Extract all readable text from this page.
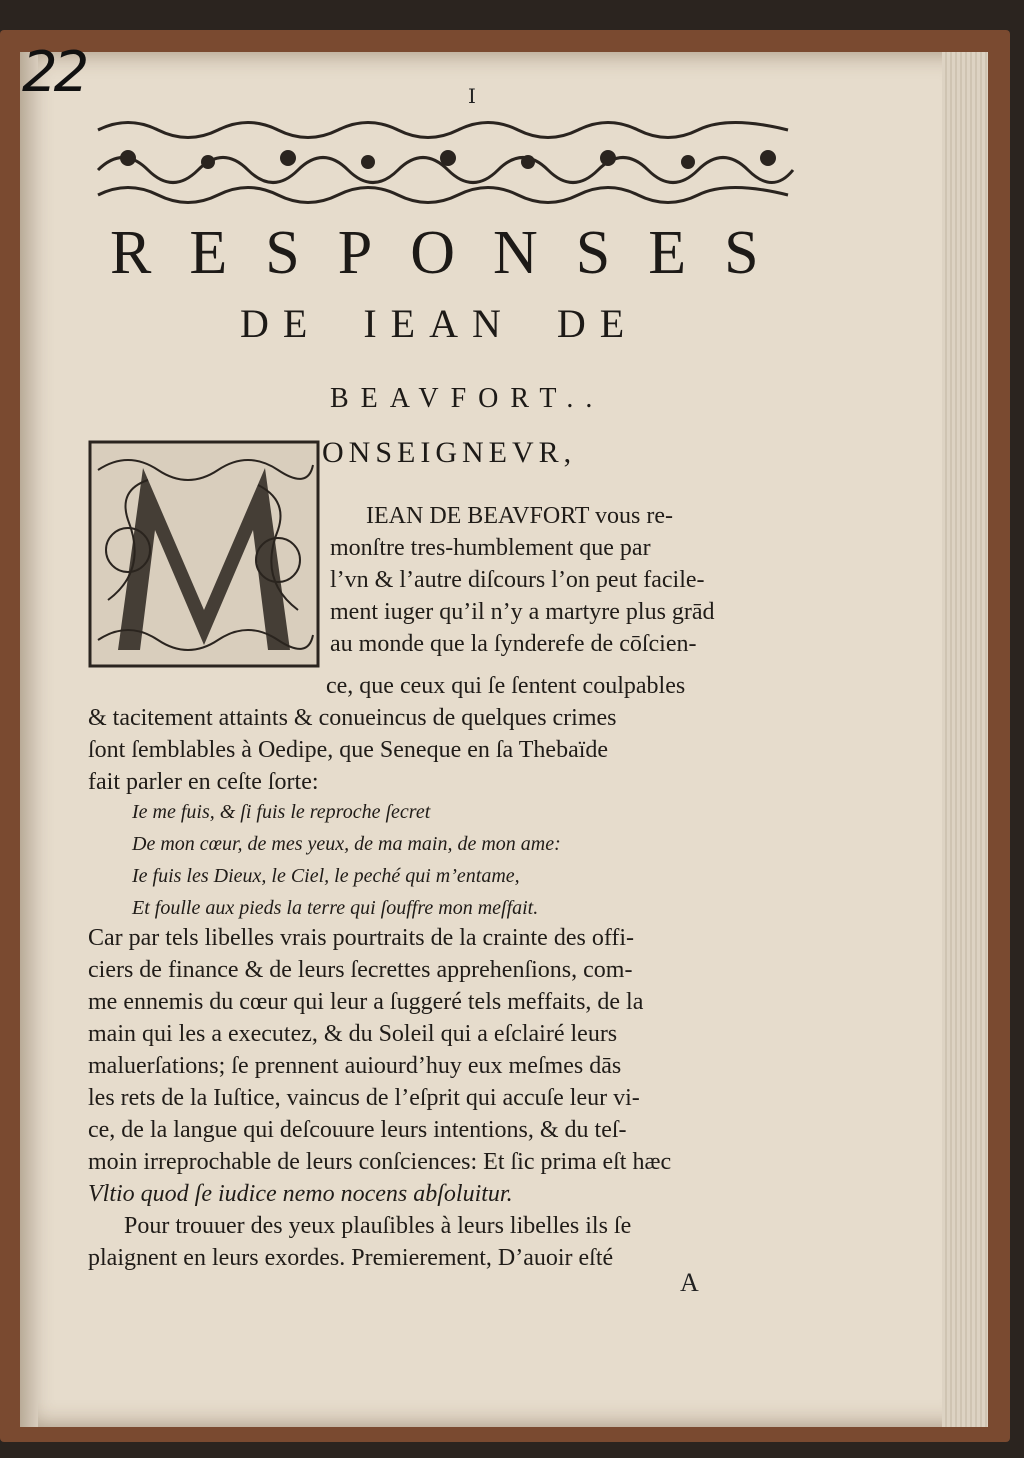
22	I
RESPONSES
DE IEAN DE
BEAVFORT..
ONSEIGNEVR,
IEAN DE BEAVFORT vous re-
monſtre tres-humblement que par
l’vn & l’autre diſcours l’on peut facile-
ment iuger qu’il n’y a martyre plus grād
au monde que la ſynderefe de cōſcien-
ce, que ceux qui ſe ſentent coulpables
& tacitement attaints & conueincus de quelques crimes
ſont ſemblables à Oedipe, que Seneque en ſa Thebaïde
fait parler en ceſte ſorte:
Ie me fuis, & ſi fuis le reproche ſecret
De mon cœur, de mes yeux, de ma main, de mon ame:
Ie fuis les Dieux, le Ciel, le peché qui m’entame,
Et foulle aux pieds la terre qui ſouffre mon meſfait.
Car par tels libelles vrais pourtraits de la crainte des offi-
ciers de finance & de leurs ſecrettes apprehenſions, com-
me ennemis du cœur qui leur a ſuggeré tels meffaits, de la
main qui les a executez, & du Soleil qui a eſclairé leurs
maluerſations; ſe prennent auiourd’huy eux meſmes dās
les rets de la Iuſtice, vaincus de l’eſprit qui accuſe leur vi-
ce, de la langue qui deſcouure leurs intentions, & du teſ-
moin irreprochable de leurs conſciences: Et ſic prima eſt hæc
Vltio quod ſe iudice nemo nocens abſoluitur.
Pour trouuer des yeux plauſibles à leurs libelles ils ſe
plaignent en leurs exordes. Premierement, D’auoir eſté
A
